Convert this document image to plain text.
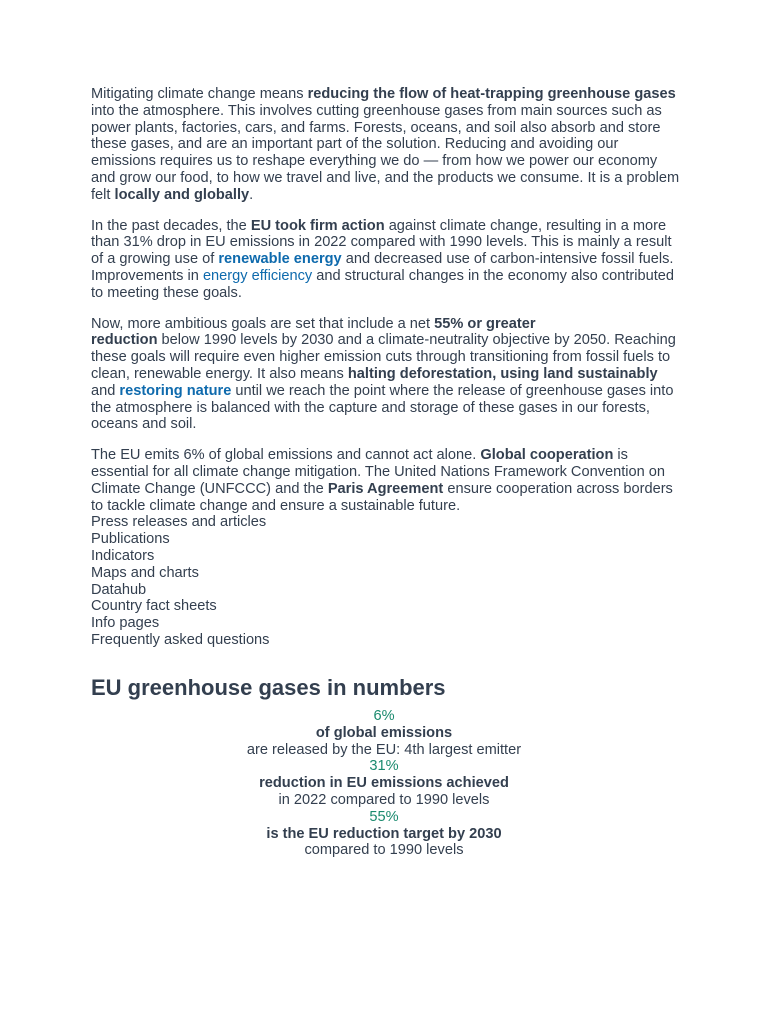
Mitigating climate change means reducing the flow of heat-trapping greenhouse gases into the atmosphere. This involves cutting greenhouse gases from main sources such as power plants, factories, cars, and farms. Forests, oceans, and soil also absorb and store these gases, and are an important part of the solution. Reducing and avoiding our emissions requires us to reshape everything we do — from how we power our economy and grow our food, to how we travel and live, and the products we consume. It is a problem felt locally and globally.

In the past decades, the EU took firm action against climate change, resulting in a more than 31% drop in EU emissions in 2022 compared with 1990 levels. This is mainly a result of a growing use of renewable energy and decreased use of carbon-intensive fossil fuels. Improvements in energy efficiency and structural changes in the economy also contributed to meeting these goals.

Now, more ambitious goals are set that include a net 55% or greater
reduction below 1990 levels by 2030 and a climate-neutrality objective by 2050. Reaching these goals will require even higher emission cuts through transitioning from fossil fuels to clean, renewable energy. It also means halting deforestation, using land sustainably and restoring nature until we reach the point where the release of greenhouse gases into the atmosphere is balanced with the capture and storage of these gases in our forests, oceans and soil.

The EU emits 6% of global emissions and cannot act alone. Global cooperation is essential for all climate change mitigation. The United Nations Framework Convention on Climate Change (UNFCCC) and the Paris Agreement ensure cooperation across borders to tackle climate change and ensure a sustainable future.

Press releases and articles
Publications
Indicators
Maps and charts
Datahub
Country fact sheets
Info pages
Frequently asked questions
EU greenhouse gases in numbers
6%
of global emissions
are released by the EU: 4th largest emitter
31%
reduction in EU emissions achieved
in 2022 compared to 1990 levels
55%
is the EU reduction target by 2030
compared to 1990 levels
